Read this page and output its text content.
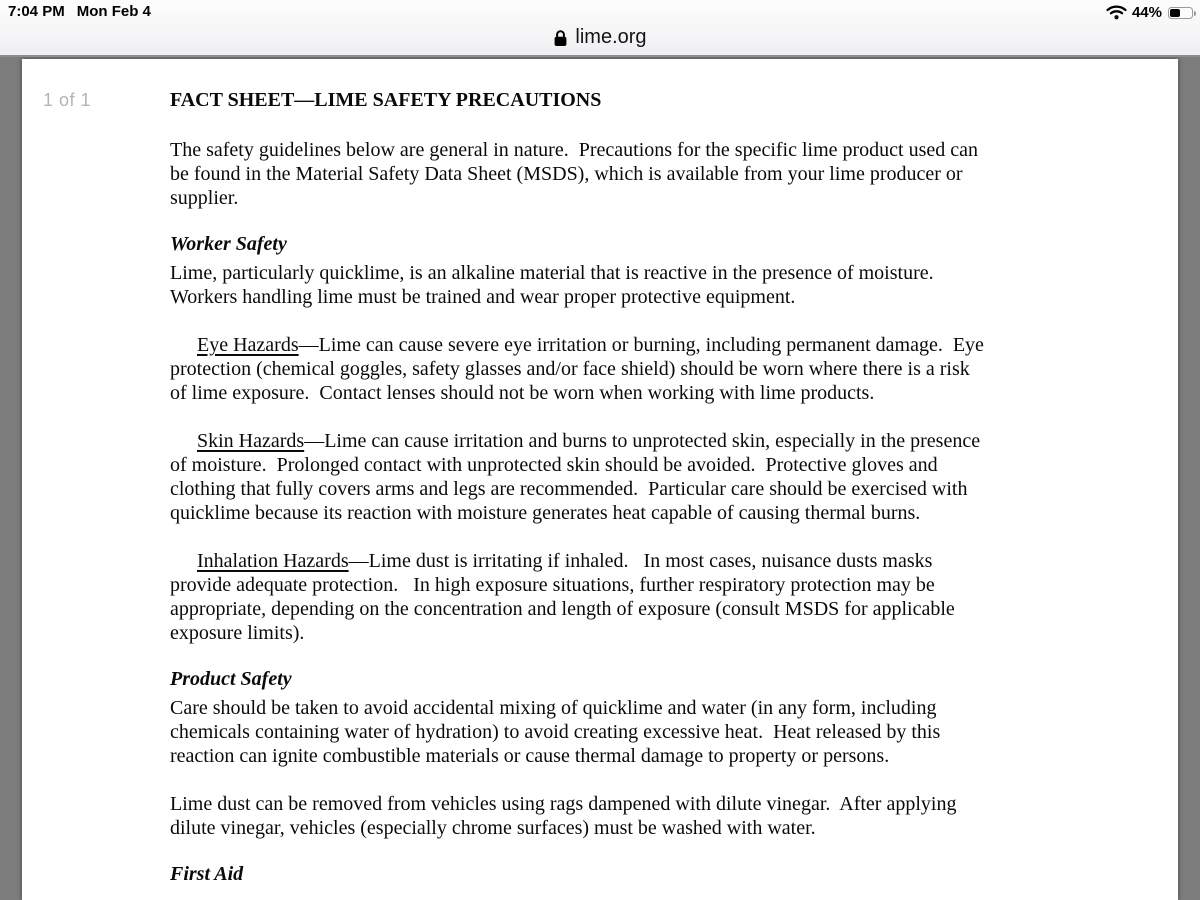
7:04 PM Mon Feb 4	44%
lime.org
FACT SHEET—LIME SAFETY PRECAUTIONS

The safety guidelines below are general in nature.  Precautions for the specific lime product used can be found in the Material Safety Data Sheet (MSDS), which is available from your lime producer or supplier.

Worker Safety

Lime, particularly quicklime, is an alkaline material that is reactive in the presence of moisture.  Workers handling lime must be trained and wear proper protective equipment.

Eye Hazards—Lime can cause severe eye irritation or burning, including permanent damage.  Eye protection (chemical goggles, safety glasses and/or face shield) should be worn where there is a risk of lime exposure.  Contact lenses should not be worn when working with lime products.

Skin Hazards—Lime can cause irritation and burns to unprotected skin, especially in the presence of moisture.  Prolonged contact with unprotected skin should be avoided.  Protective gloves and clothing that fully covers arms and legs are recommended.  Particular care should be exercised with quicklime because its reaction with moisture generates heat capable of causing thermal burns.

Inhalation Hazards—Lime dust is irritating if inhaled.   In most cases, nuisance dusts masks provide adequate protection.   In high exposure situations, further respiratory protection may be appropriate, depending on the concentration and length of exposure (consult MSDS for applicable exposure limits).

Product Safety

Care should be taken to avoid accidental mixing of quicklime and water (in any form, including chemicals containing water of hydration) to avoid creating excessive heat.  Heat released by this reaction can ignite combustible materials or cause thermal damage to property or persons.

Lime dust can be removed from vehicles using rags dampened with dilute vinegar.  After applying dilute vinegar, vehicles (especially chrome surfaces) must be washed with water.

First Aid
1 of 1
